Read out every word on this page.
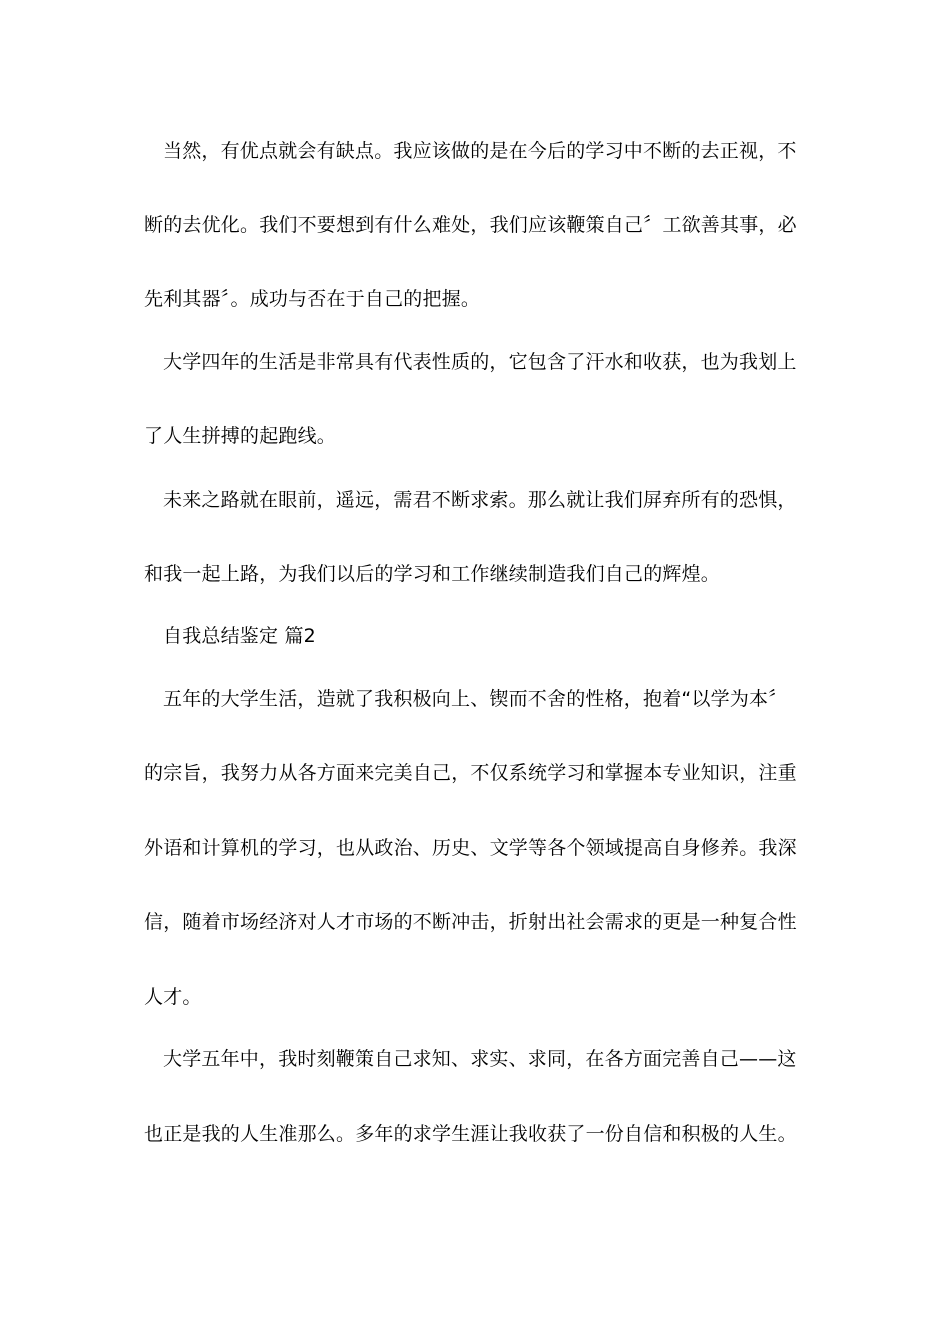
当然，有优点就会有缺点。我应该做的是在今后的学习中不断的去正视，不
断的去优化。我们不要想到有什么难处，我们应该鞭策自己〞工欲善其事，必
先利其器〞。成功与否在于自己的把握。
大学四年的生活是非常具有代表性质的，它包含了汗水和收获，也为我划上
了人生拼搏的起跑线。
未来之路就在眼前，遥远，需君不断求索。那么就让我们屏弃所有的恐惧，
和我一起上路，为我们以后的学习和工作继续制造我们自己的辉煌。
自我总结鉴定 篇2
五年的大学生活，造就了我积极向上、锲而不舍的性格，抱着“以学为本〞
的宗旨，我努力从各方面来完美自己，不仅系统学习和掌握本专业知识，注重
外语和计算机的学习，也从政治、历史、文学等各个领域提高自身修养。我深
信，随着市场经济对人才市场的不断冲击，折射出社会需求的更是一种复合性
人才。
大学五年中，我时刻鞭策自己求知、求实、求同，在各方面完善自己——这
也正是我的人生准那么。多年的求学生涯让我收获了一份自信和积极的人生。
